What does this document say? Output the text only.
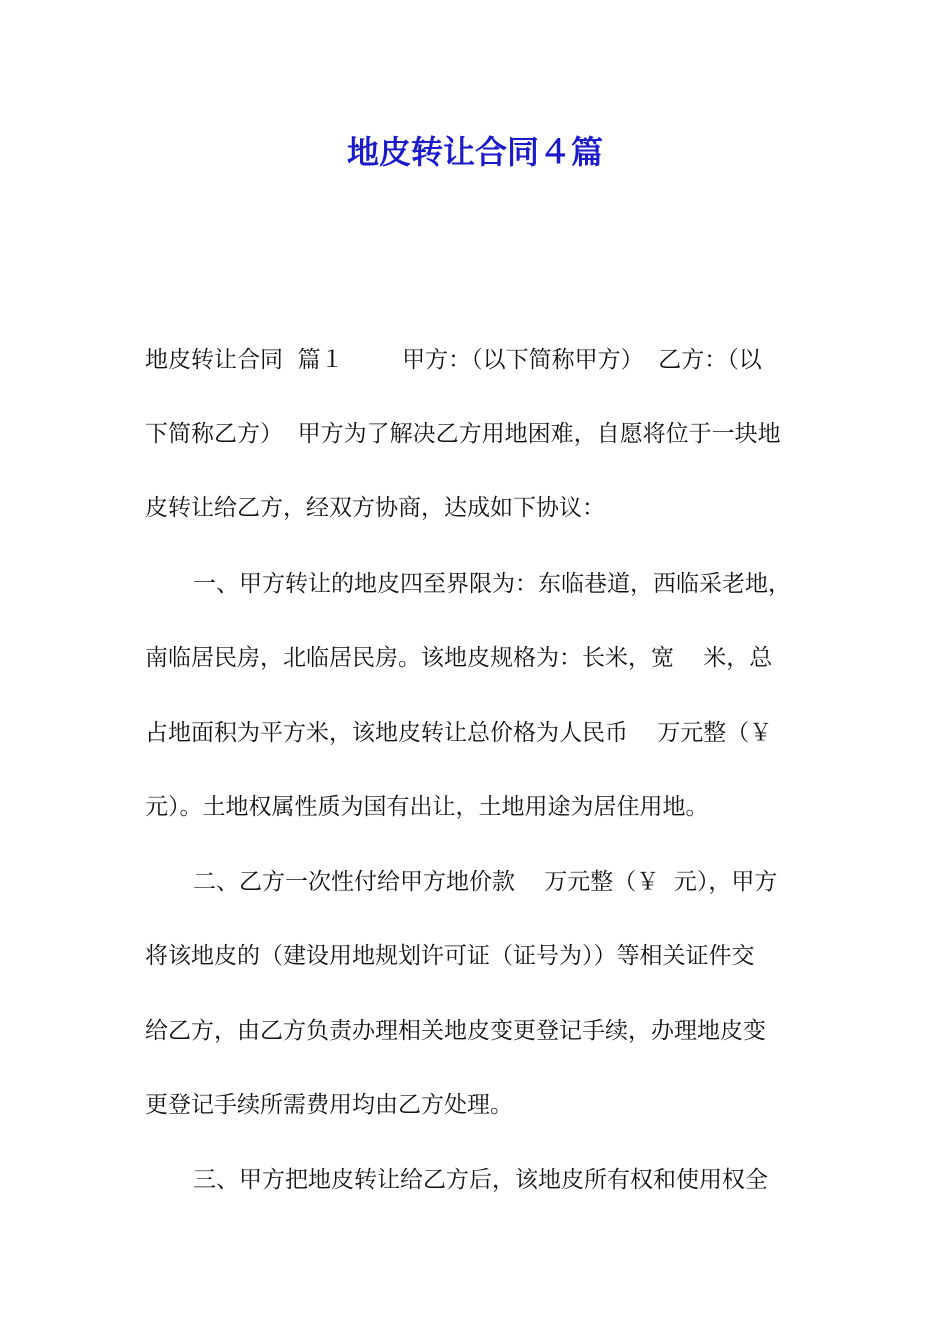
地皮转让合同４篇
地皮转让合同  篇１        甲方：（以下简称甲方）  乙方：（以
下简称乙方）  甲方为了解决乙方用地困难，自愿将位于一块地
皮转让给乙方，经双方协商，达成如下协议：
一、甲方转让的地皮四至界限为：东临巷道，西临采老地，
南临居民房，北临居民房。该地皮规格为：长米，宽    米，总
占地面积为平方米，该地皮转让总价格为人民币    万元整（￥
元）。土地权属性质为国有出让，土地用途为居住用地。
二、乙方一次性付给甲方地价款    万元整（￥  元），甲方
将该地皮的（建设用地规划许可证（证号为））等相关证件交
给乙方，由乙方负责办理相关地皮变更登记手续，办理地皮变
更登记手续所需费用均由乙方处理。
三、甲方把地皮转让给乙方后，该地皮所有权和使用权全
